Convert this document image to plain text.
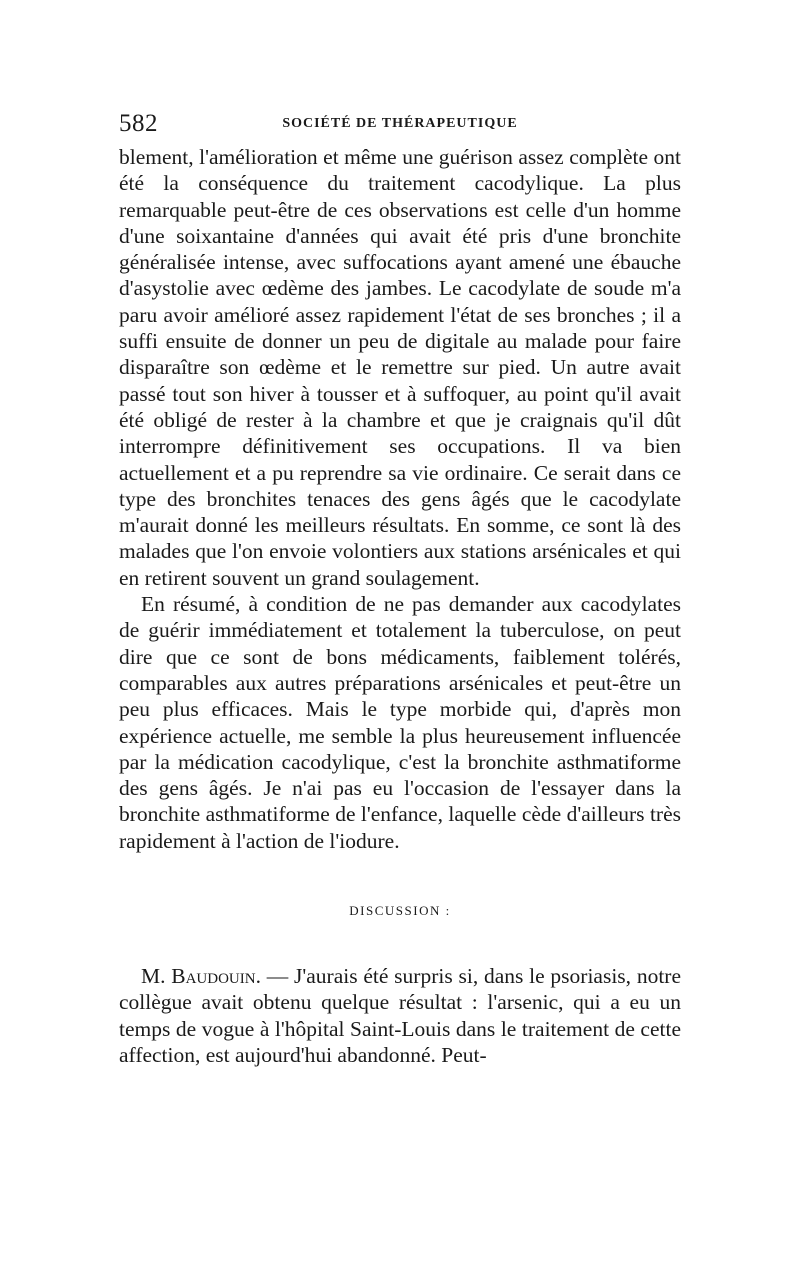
582	SOCIÉTÉ DE THÉRAPEUTIQUE

blement, l'amélioration et même une guérison assez complète ont été la conséquence du traitement cacodylique. La plus remarquable peut-être de ces observations est celle d'un homme d'une soixantaine d'années qui avait été pris d'une bronchite généralisée intense, avec suffocations ayant amené une ébauche d'asystolie avec œdème des jambes. Le cacodylate de soude m'a paru avoir amélioré assez rapidement l'état de ses bronches ; il a suffi ensuite de donner un peu de digitale au malade pour faire disparaître son œdème et le remettre sur pied. Un autre avait passé tout son hiver à tousser et à suffoquer, au point qu'il avait été obligé de rester à la chambre et que je craignais qu'il dût interrompre définitivement ses occupations. Il va bien actuellement et a pu reprendre sa vie ordinaire. Ce serait dans ce type des bronchites tenaces des gens âgés que le cacodylate m'aurait donné les meilleurs résultats. En somme, ce sont là des malades que l'on envoie volontiers aux stations arsénicales et qui en retirent souvent un grand soulagement.

En résumé, à condition de ne pas demander aux cacodylates de guérir immédiatement et totalement la tuberculose, on peut dire que ce sont de bons médicaments, faiblement tolérés, comparables aux autres préparations arsénicales et peut-être un peu plus efficaces. Mais le type morbide qui, d'après mon expérience actuelle, me semble la plus heureusement influencée par la médication cacodylique, c'est la bronchite asthmatiforme des gens âgés. Je n'ai pas eu l'occasion de l'essayer dans la bronchite asthmatiforme de l'enfance, laquelle cède d'ailleurs très rapidement à l'action de l'iodure.

DISCUSSION :

M. Baudouin. — J'aurais été surpris si, dans le psoriasis, notre collègue avait obtenu quelque résultat : l'arsenic, qui a eu un temps de vogue à l'hôpital Saint-Louis dans le traitement de cette affection, est aujourd'hui abandonné. Peut-
